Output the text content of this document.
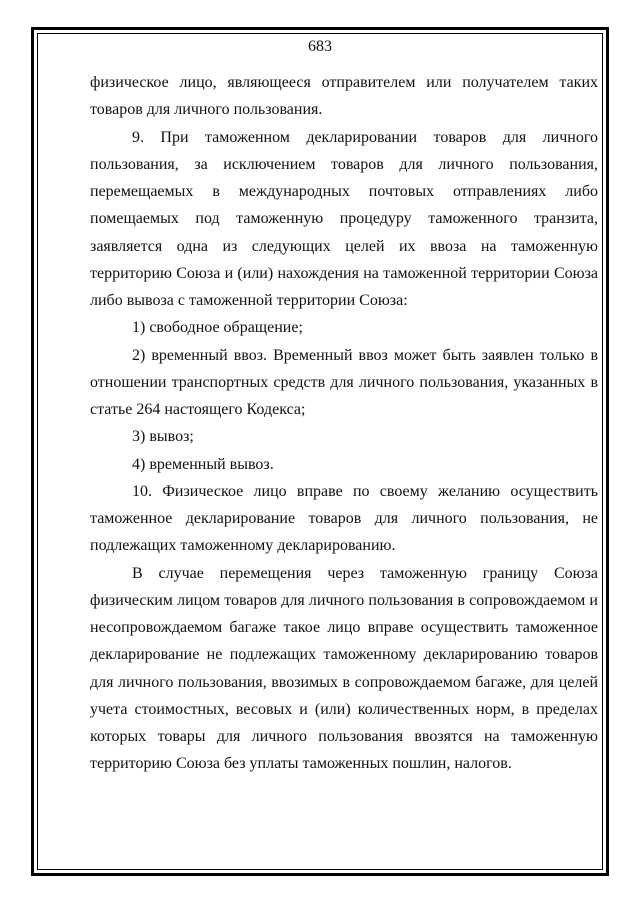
683

физическое лицо, являющееся отправителем или получателем таких товаров для личного пользования.

9. При таможенном декларировании товаров для личного пользования, за исключением товаров для личного пользования, перемещаемых в международных почтовых отправлениях либо помещаемых под таможенную процедуру таможенного транзита, заявляется одна из следующих целей их ввоза на таможенную территорию Союза и (или) нахождения на таможенной территории Союза либо вывоза с таможенной территории Союза:

1) свободное обращение;

2) временный ввоз. Временный ввоз может быть заявлен только в отношении транспортных средств для личного пользования, указанных в статье 264 настоящего Кодекса;

3) вывоз;

4) временный вывоз.

10. Физическое лицо вправе по своему желанию осуществить таможенное декларирование товаров для личного пользования, не подлежащих таможенному декларированию.

В случае перемещения через таможенную границу Союза физическим лицом товаров для личного пользования в сопровождаемом и несопровождаемом багаже такое лицо вправе осуществить таможенное декларирование не подлежащих таможенному декларированию товаров для личного пользования, ввозимых в сопровождаемом багаже, для целей учета стоимостных, весовых и (или) количественных норм, в пределах которых товары для личного пользования ввозятся на таможенную территорию Союза без уплаты таможенных пошлин, налогов.
